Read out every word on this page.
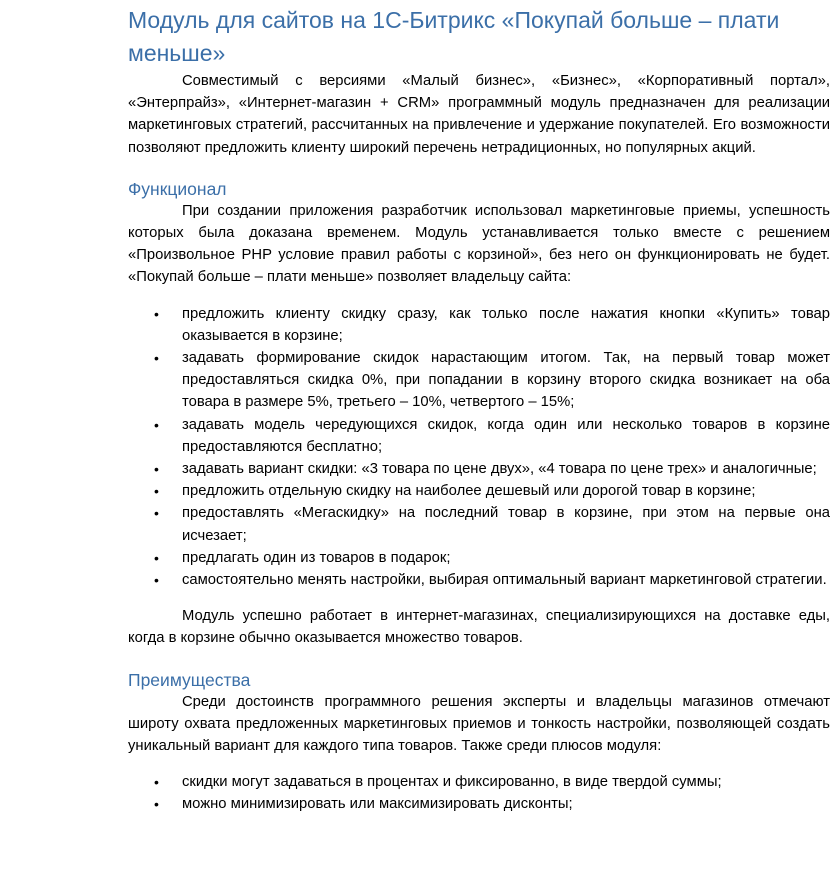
Модуль для сайтов на 1С-Битрикс «Покупай больше – плати меньше»

Совместимый с версиями «Малый бизнес», «Бизнес», «Корпоративный портал», «Энтерпрайз», «Интернет-магазин + CRM» программный модуль предназначен для реализации маркетинговых стратегий, рассчитанных на привлечение и удержание покупателей. Его возможности позволяют предложить клиенту широкий перечень нетрадиционных, но популярных акций.

Функционал

При создании приложения разработчик использовал маркетинговые приемы, успешность которых была доказана временем. Модуль устанавливается только вместе с решением «Произвольное PHP условие правил работы с корзиной», без него он функционировать не будет. «Покупай больше – плати меньше» позволяет владельцу сайта:

• предложить клиенту скидку сразу, как только после нажатия кнопки «Купить» товар оказывается в корзине;
• задавать формирование скидок нарастающим итогом. Так, на первый товар может предоставляться скидка 0%, при попадании в корзину второго скидка возникает на оба товара в размере 5%, третьего – 10%, четвертого – 15%;
• задавать модель чередующихся скидок, когда один или несколько товаров в корзине предоставляются бесплатно;
• задавать вариант скидки: «3 товара по цене двух», «4 товара по цене трех» и аналогичные;
• предложить отдельную скидку на наиболее дешевый или дорогой товар в корзине;
• предоставлять «Мегаскидку» на последний товар в корзине, при этом на первые она исчезает;
• предлагать один из товаров в подарок;
• самостоятельно менять настройки, выбирая оптимальный вариант маркетинговой стратегии.

Модуль успешно работает в интернет-магазинах, специализирующихся на доставке еды, когда в корзине обычно оказывается множество товаров.

Преимущества

Среди достоинств программного решения эксперты и владельцы магазинов отмечают широту охвата предложенных маркетинговых приемов и тонкость настройки, позволяющей создать уникальный вариант для каждого типа товаров. Также среди плюсов модуля:

• скидки могут задаваться в процентах и фиксированно, в виде твердой суммы;
• можно минимизировать или максимизировать дисконты;
